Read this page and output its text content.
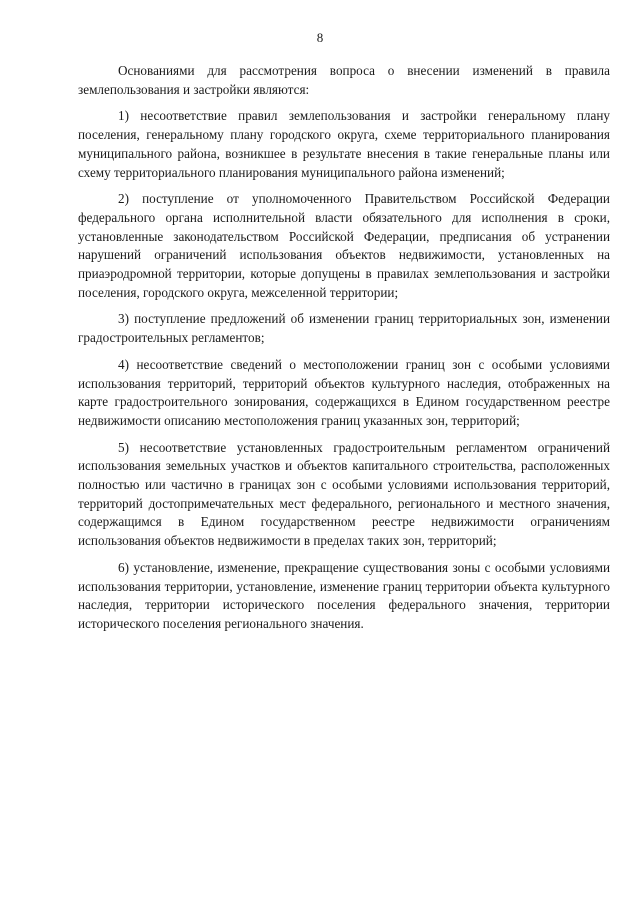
8

Основаниями для рассмотрения вопроса о внесении изменений в правила землепользования и застройки являются:

1) несоответствие правил землепользования и застройки генеральному плану поселения, генеральному плану городского округа, схеме территориального планирования муниципального района, возникшее в результате внесения в такие генеральные планы или схему территориального планирования муниципального района изменений;

2) поступление от уполномоченного Правительством Российской Федерации федерального органа исполнительной власти обязательного для исполнения в сроки, установленные законодательством Российской Федерации, предписания об устранении нарушений ограничений использования объектов недвижимости, установленных на приаэродромной территории, которые допущены в правилах землепользования и застройки поселения, городского округа, межселенной территории;

3) поступление предложений об изменении границ территориальных зон, изменении градостроительных регламентов;

4) несоответствие сведений о местоположении границ зон с особыми условиями использования территорий, территорий объектов культурного наследия, отображенных на карте градостроительного зонирования, содержащихся в Едином государственном реестре недвижимости описанию местоположения границ указанных зон, территорий;

5) несоответствие установленных градостроительным регламентом ограничений использования земельных участков и объектов капитального строительства, расположенных полностью или частично в границах зон с особыми условиями использования территорий, территорий достопримечательных мест федерального, регионального и местного значения, содержащимся в Едином государственном реестре недвижимости ограничениям использования объектов недвижимости в пределах таких зон, территорий;

6) установление, изменение, прекращение существования зоны с особыми условиями использования территории, установление, изменение границ территории объекта культурного наследия, территории исторического поселения федерального значения, территории исторического поселения регионального значения.
